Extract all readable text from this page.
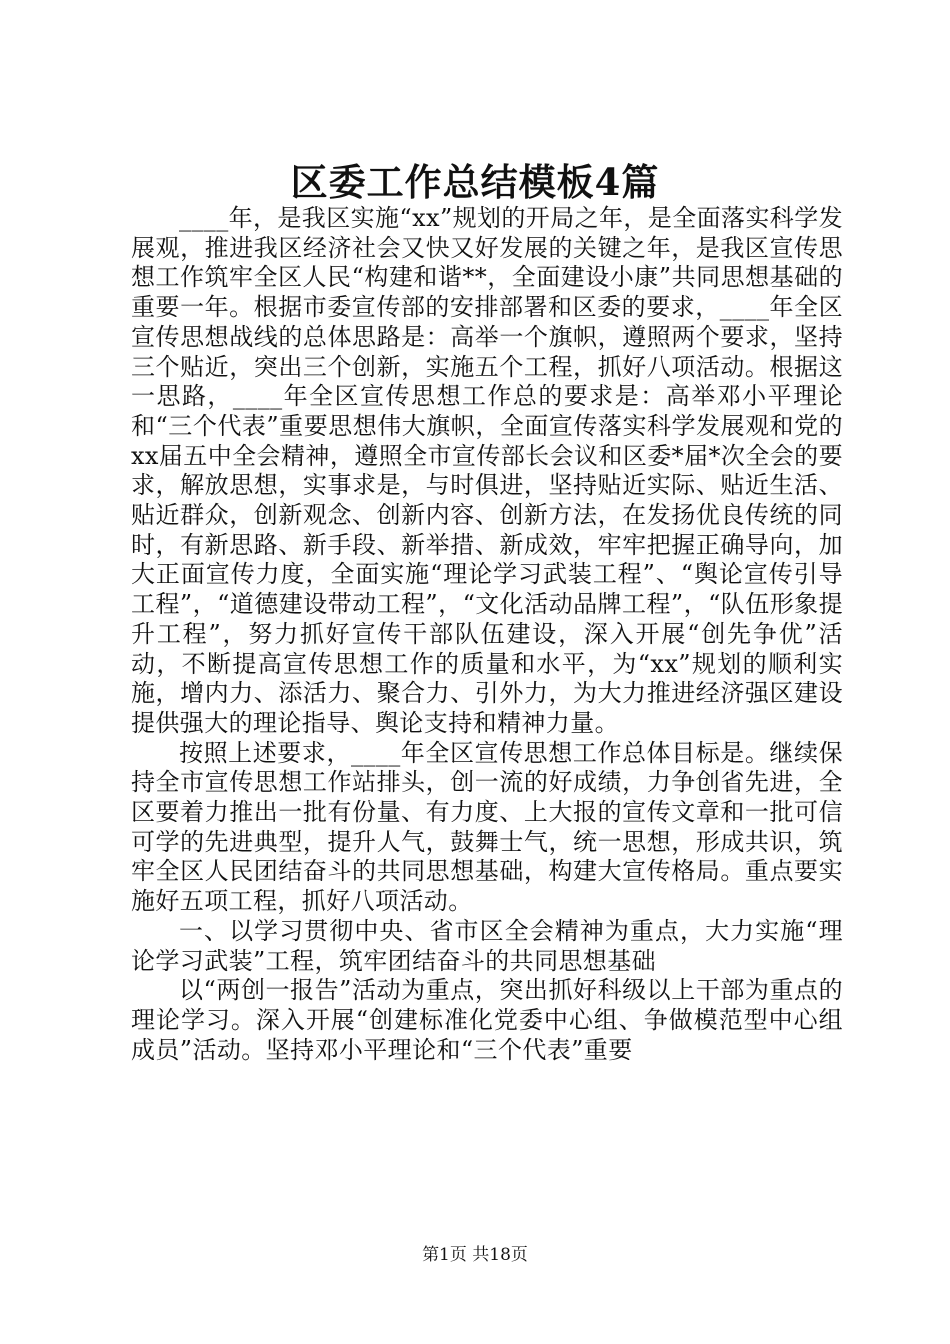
区委工作总结模板4篇

____年，是我区实施“xx”规划的开局之年，是全面落实科学发展观，推进我区经济社会又快又好发展的关键之年，是我区宣传思想工作筑牢全区人民“构建和谐**，全面建设小康”共同思想基础的重要一年。根据市委宣传部的安排部署和区委的要求，____年全区宣传思想战线的总体思路是：高举一个旗帜，遵照两个要求，坚持三个贴近，突出三个创新，实施五个工程，抓好八项活动。根据这一思路，____年全区宣传思想工作总的要求是：高举邓小平理论和“三个代表”重要思想伟大旗帜，全面宣传落实科学发展观和党的xx届五中全会精神，遵照全市宣传部长会议和区委*届*次全会的要求，解放思想，实事求是，与时俱进，坚持贴近实际、贴近生活、贴近群众，创新观念、创新内容、创新方法，在发扬优良传统的同时，有新思路、新手段、新举措、新成效，牢牢把握正确导向，加大正面宣传力度，全面实施“理论学习武装工程”、“舆论宣传引导工程”，“道德建设带动工程”，“文化活动品牌工程”，“队伍形象提升工程”，努力抓好宣传干部队伍建设，深入开展“创先争优”活动，不断提高宣传思想工作的质量和水平，为“xx”规划的顺利实施，增内力、添活力、聚合力、引外力，为大力推进经济强区建设提供强大的理论指导、舆论支持和精神力量。

按照上述要求，____年全区宣传思想工作总体目标是。继续保持全市宣传思想工作站排头，创一流的好成绩，力争创省先进，全区要着力推出一批有份量、有力度、上大报的宣传文章和一批可信可学的先进典型，提升人气，鼓舞士气，统一思想，形成共识，筑牢全区人民团结奋斗的共同思想基础，构建大宣传格局。重点要实施好五项工程，抓好八项活动。

一、以学习贯彻中央、省市区全会精神为重点，大力实施“理论学习武装”工程，筑牢团结奋斗的共同思想基础

以“两创一报告”活动为重点，突出抓好科级以上干部为重点的理论学习。深入开展“创建标准化党委中心组、争做模范型中心组成员”活动。坚持邓小平理论和“三个代表”重要

第1页 共18页
